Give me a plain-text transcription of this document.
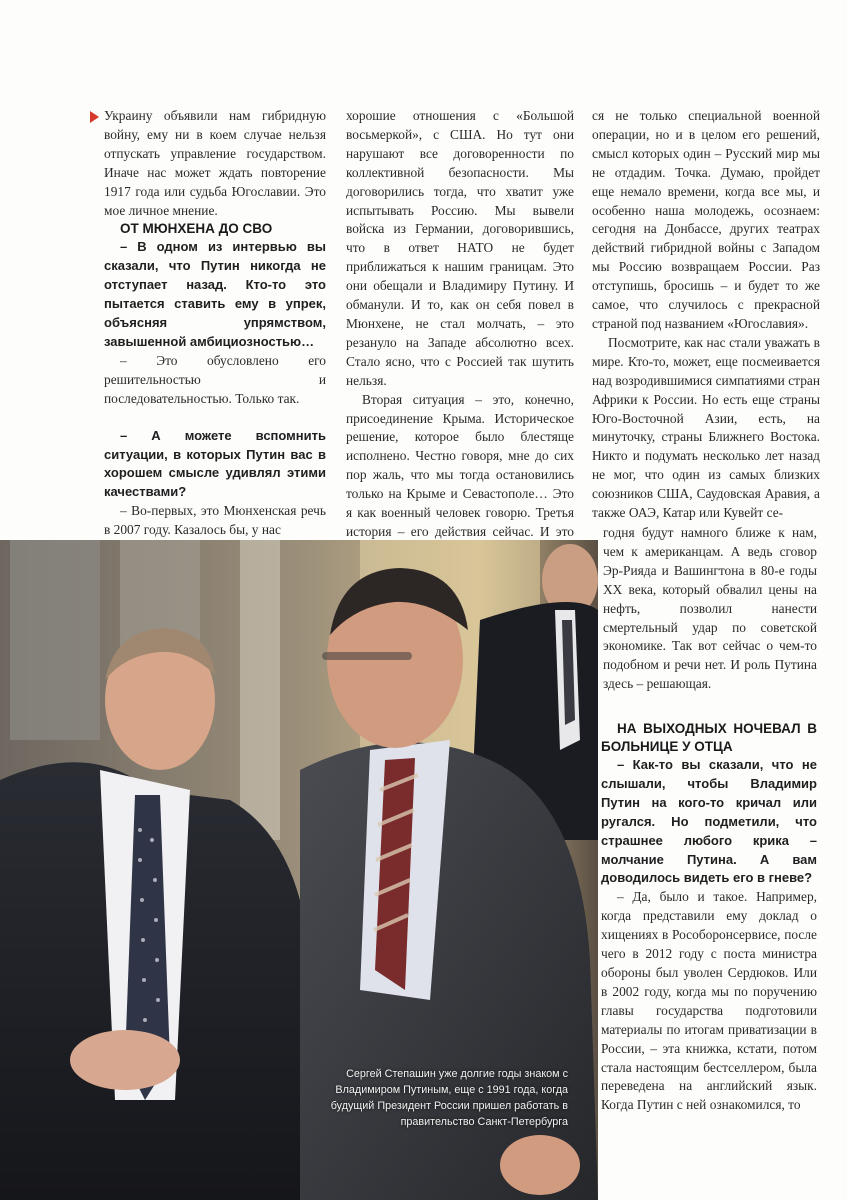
Украину объявили нам гибридную войну, ему ни в коем случае нельзя отпускать управление государством. Иначе нас может ждать повторение 1917 года или судьба Югославии. Это мое личное мнение.

ОТ МЮНХЕНА ДО СВО

– В одном из интервью вы сказали, что Путин никогда не отступает назад. Кто-то это пытается ставить ему в упрек, объясняя упрямством, завышенной амбициозностью…

– Это обусловлено его решительностью и последовательностью. Только так.

– А можете вспомнить ситуации, в которых Путин вас в хорошем смысле удивлял этими качествами?

– Во-первых, это Мюнхенская речь в 2007 году. Казалось бы, у нас

хорошие отношения с «Большой восьмеркой», с США. Но тут они нарушают все договоренности по коллективной безопасности. Мы договорились тогда, что хватит уже испытывать Россию. Мы вывели войска из Германии, договорившись, что в ответ НАТО не будет приближаться к нашим границам. Это они обещали и Владимиру Путину. И обманули. И то, как он себя повел в Мюнхене, не стал молчать, – это резануло на Западе абсолютно всех. Стало ясно, что с Россией так шутить нельзя.

Вторая ситуация – это, конечно, присоединение Крыма. Историческое решение, которое было блестяще исполнено. Честно говоря, мне до сих пор жаль, что мы тогда остановились только на Крыме и Севастополе… Это я как военный человек говорю. Третья история – его действия сейчас. И это

ся не только специальной военной операции, но и в целом его решений, смысл которых один – Русский мир мы не отдадим. Точка. Думаю, пройдет еще немало времени, когда все мы, и особенно наша молодежь, осознаем: сегодня на Донбассе, других театрах действий гибридной войны с Западом мы Россию возвращаем России. Раз отступишь, бросишь – и будет то же самое, что случилось с прекрасной страной под названием «Югославия».

Посмотрите, как нас стали уважать в мире. Кто-то, может, еще посмеивается над возродившимися симпатиями стран Африки к России. Но есть еще страны Юго-Восточной Азии, есть, на минуточку, страны Ближнего Востока. Никто и подумать несколько лет назад не мог, что один из самых близких союзников США, Саудовская Аравия, а также ОАЭ, Катар или Кувейт се-

годня будут намного ближе к нам, чем к американцам. А ведь сговор Эр-Рияда и Вашингтона в 80-е годы ХХ века, который обвалил цены на нефть, позволил нанести смертельный удар по советской экономике. Так вот сейчас о чем-то подобном и речи нет. И роль Путина здесь – решающая.

НА ВЫХОДНЫХ НОЧЕВАЛ В БОЛЬНИЦЕ У ОТЦА

– Как-то вы сказали, что не слышали, чтобы Владимир Путин на кого-то кричал или ругался. Но подметили, что страшнее любого крика – молчание Путина. А вам доводилось видеть его в гневе?

– Да, было и такое. Например, когда представили ему доклад о хищениях в Рособоронсервисе, после чего в 2012 году с поста министра обороны был уволен Сердюков. Или в 2002 году, когда мы по поручению главы государства подготовили материалы по итогам приватизации в России, – эта книжка, кстати, потом стала настоящим бестселлером, была переведена на английский язык. Когда Путин с ней ознакомился, то

Сергей Степашин уже долгие годы знаком с Владимиром Путиным, еще с 1991 года, когда будущий Президент России пришел работать в правительство Санкт-Петербурга
